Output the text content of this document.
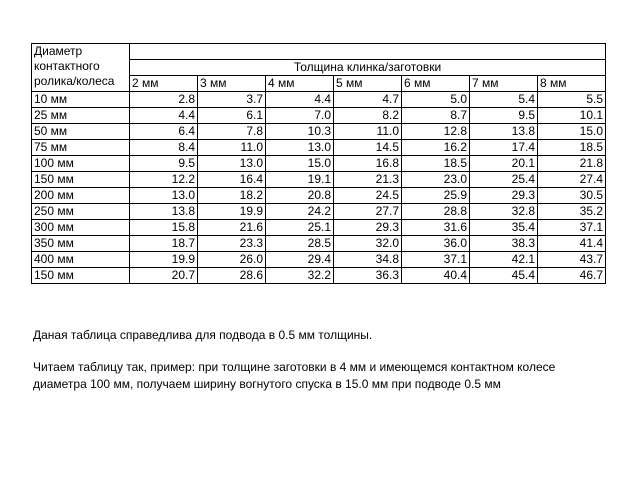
Диаметр
контактного
ролика/колеса							

	Толщина клинка/заготовки						
	2 мм	3 мм	4 мм	5 мм	6 мм	7 мм	8 мм
10 мм	2.8	3.7	4.4	4.7	5.0	5.4	5.5
25 мм	4.4	6.1	7.0	8.2	8.7	9.5	10.1
50 мм	6.4	7.8	10.3	11.0	12.8	13.8	15.0
75 мм	8.4	11.0	13.0	14.5	16.2	17.4	18.5
100 мм	9.5	13.0	15.0	16.8	18.5	20.1	21.8
150 мм	12.2	16.4	19.1	21.3	23.0	25.4	27.4
200 мм	13.0	18.2	20.8	24.5	25.9	29.3	30.5
250 мм	13.8	19.9	24.2	27.7	28.8	32.8	35.2
300 мм	15.8	21.6	25.1	29.3	31.6	35.4	37.1
350 мм	18.7	23.3	28.5	32.0	36.0	38.3	41.4
400 мм	19.9	26.0	29.4	34.8	37.1	42.1	43.7
150 мм	20.7	28.6	32.2	36.3	40.4	45.4	46.7

Даная таблица справедлива для подвода в 0.5 мм толщины.

Читаем таблицу так, пример: при толщине заготовки в 4 мм и имеющемся контактном колесе диаметра 100 мм, получаем ширину вогнутого спуска в 15.0 мм при подводе 0.5 мм
